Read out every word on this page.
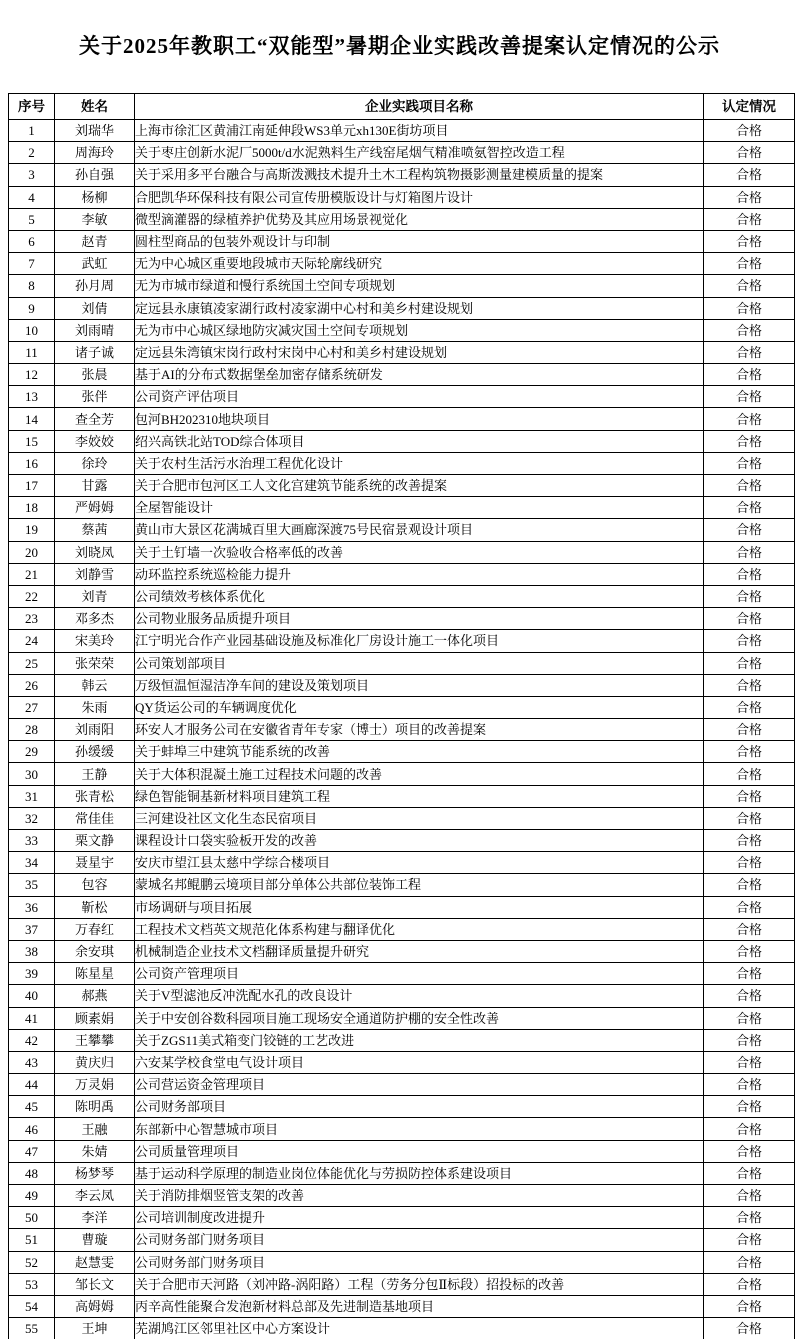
关于2025年教职工“双能型”暑期企业实践改善提案认定情况的公示
序号	姓名	企业实践项目名称	认定情况
1	刘瑞华	上海市徐汇区黄浦江南延伸段WS3单元xh130E街坊项目	合格
2	周海玲	关于枣庄创新水泥厂5000t/d水泥熟料生产线窑尾烟气精准喷氨智控改造工程	合格
3	孙自强	关于采用多平台融合与高斯泼溅技术提升土木工程构筑物摄影测量建模质量的提案	合格
4	杨柳	合肥凯华环保科技有限公司宣传册模版设计与灯箱图片设计	合格
5	李敏	微型滴灌器的绿植养护优势及其应用场景视觉化	合格
6	赵青	圆柱型商品的包装外观设计与印制	合格
7	武虹	无为中心城区重要地段城市天际轮廓线研究	合格
8	孙月周	无为市城市绿道和慢行系统国土空间专项规划	合格
9	刘倩	定远县永康镇凌家湖行政村凌家湖中心村和美乡村建设规划	合格
10	刘雨晴	无为市中心城区绿地防灾减灾国土空间专项规划	合格
11	诸子诚	定远县朱湾镇宋岗行政村宋岗中心村和美乡村建设规划	合格
12	张晨	基于AI的分布式数据堡垒加密存储系统研发	合格
13	张伴	公司资产评估项目	合格
14	查全芳	包河BH202310地块项目	合格
15	李姣姣	绍兴高铁北站TOD综合体项目	合格
16	徐玲	关于农村生活污水治理工程优化设计	合格
17	甘露	关于合肥市包河区工人文化宫建筑节能系统的改善提案	合格
18	严姆姆	全屋智能设计	合格
19	蔡茜	黄山市大景区花满城百里大画廊深渡75号民宿景观设计项目	合格
20	刘晓凤	关于土钉墙一次验收合格率低的改善	合格
21	刘静雪	动环监控系统巡检能力提升	合格
22	刘青	公司绩效考核体系优化	合格
23	邓多杰	公司物业服务品质提升项目	合格
24	宋美玲	江宁明光合作产业园基础设施及标准化厂房设计施工一体化项目	合格
25	张荣荣	公司策划部项目	合格
26	韩云	万级恒温恒湿洁净车间的建设及策划项目	合格
27	朱雨	QY货运公司的车辆调度优化	合格
28	刘雨阳	环安人才服务公司在安徽省青年专家（博士）项目的改善提案	合格
29	孙缓缓	关于蚌埠三中建筑节能系统的改善	合格
30	王静	关于大体积混凝土施工过程技术问题的改善	合格
31	张青松	绿色智能铜基新材料项目建筑工程	合格
32	常佳佳	三河建设社区文化生态民宿项目	合格
33	栗文静	课程设计口袋实验板开发的改善	合格
34	聂星宇	安庆市望江县太慈中学综合楼项目	合格
35	包容	蒙城名邦鲲鹏云境项目部分单体公共部位装饰工程	合格
36	靳松	市场调研与项目拓展	合格
37	万春红	工程技术文档英文规范化体系构建与翻译优化	合格
38	余安琪	机械制造企业技术文档翻译质量提升研究	合格
39	陈星星	公司资产管理项目	合格
40	郝燕	关于V型滤池反冲洗配水孔的改良设计	合格
41	顾素娟	关于中安创谷数科园项目施工现场安全通道防护棚的安全性改善	合格
42	王攀攀	关于ZGS11美式箱变门铰链的工艺改进	合格
43	黄庆归	六安某学校食堂电气设计项目	合格
44	万灵娟	公司营运资金管理项目	合格
45	陈明禹	公司财务部项目	合格
46	王融	东部新中心智慧城市项目	合格
47	朱婧	公司质量管理项目	合格
48	杨梦琴	基于运动科学原理的制造业岗位体能优化与劳损防控体系建设项目	合格
49	李云凤	关于消防排烟竖管支架的改善	合格
50	李洋	公司培训制度改进提升	合格
51	曹璇	公司财务部门财务项目	合格
52	赵慧雯	公司财务部门财务项目	合格
53	邹长文	关于合肥市天河路（刘冲路-涡阳路）工程（劳务分包Ⅱ标段）招投标的改善	合格
54	高姆姆	丙辛高性能聚合发泡新材料总部及先进制造基地项目	合格
55	王坤	芜湖鸠江区邻里社区中心方案设计	合格
